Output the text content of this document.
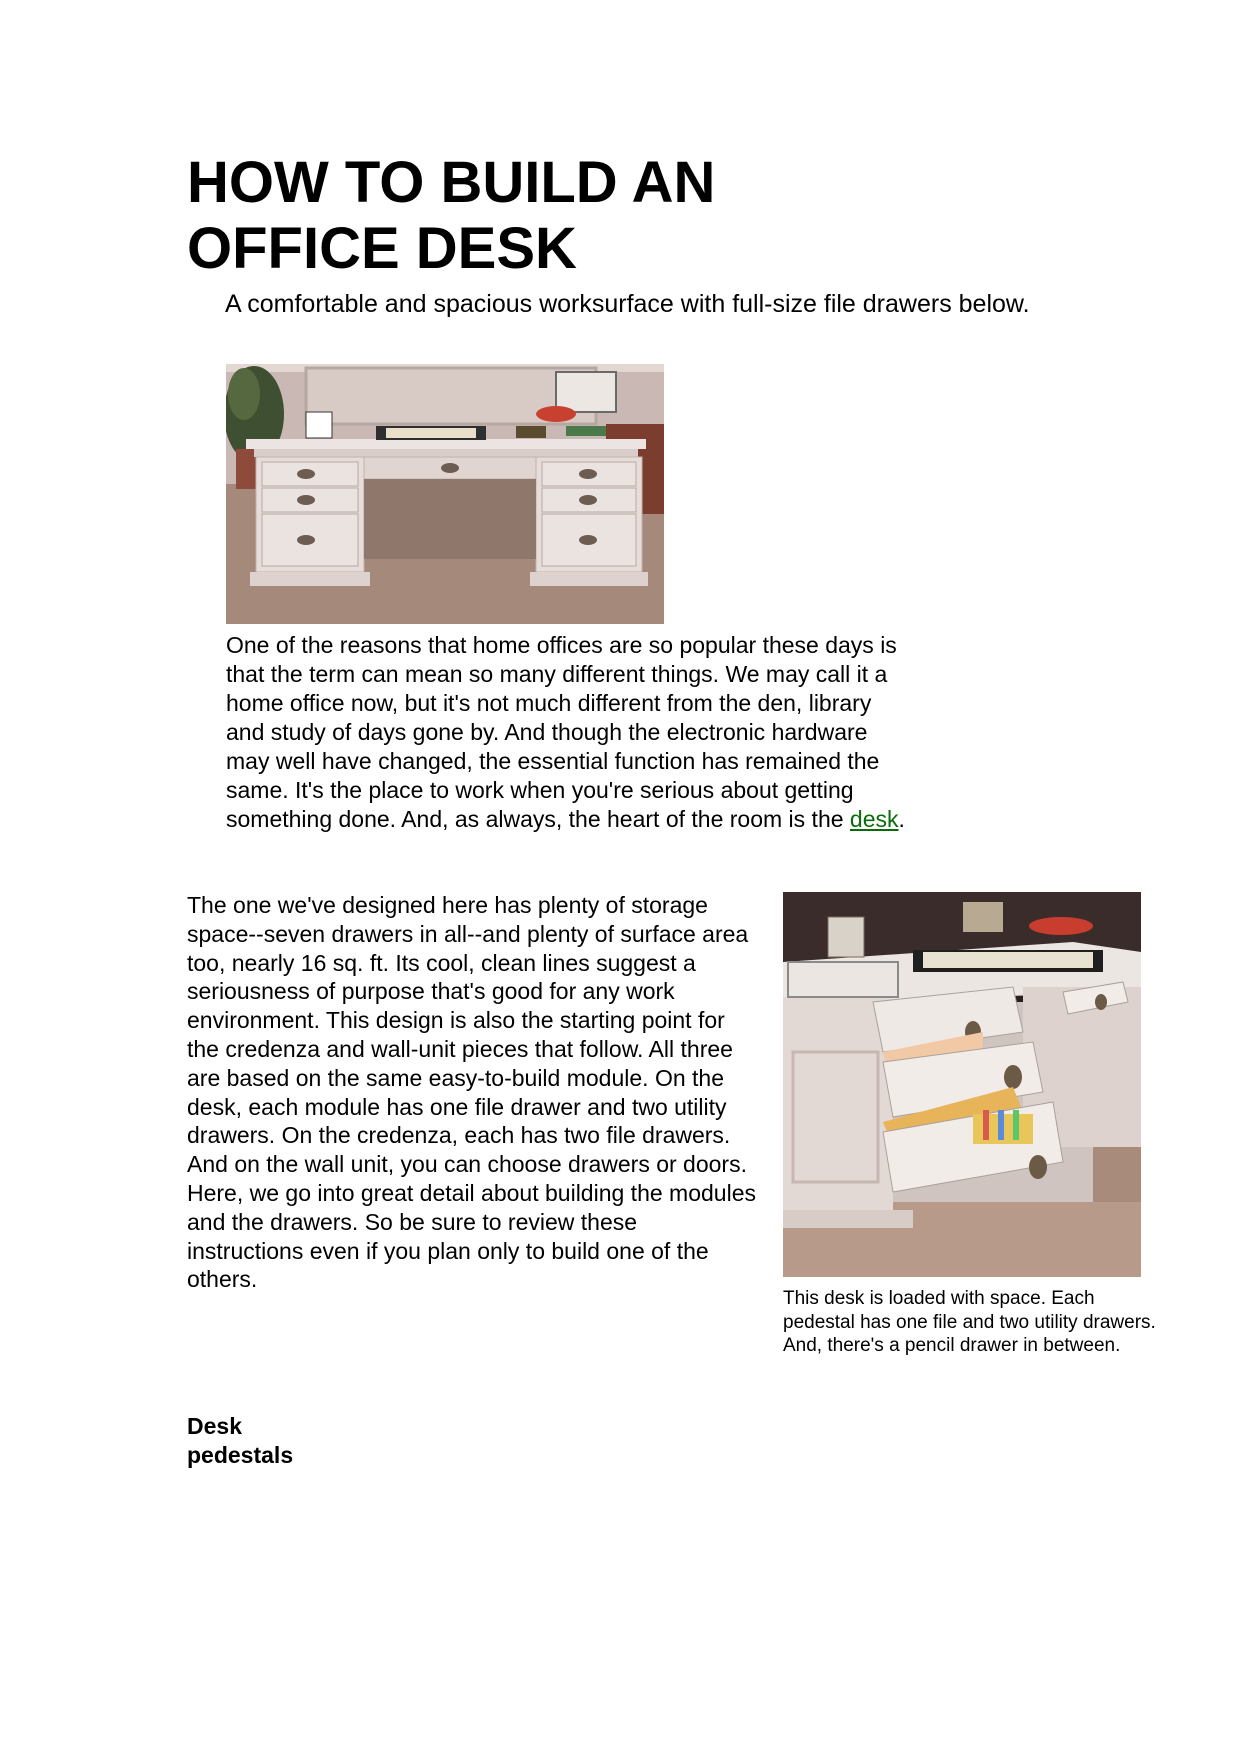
HOW TO BUILD AN OFFICE DESK

A comfortable and spacious worksurface with full-size file drawers below.

One of the reasons that home offices are so popular these days is that the term can mean so many different things. We may call it a home office now, but it's not much different from the den, library and study of days gone by. And though the electronic hardware may well have changed, the essential function has remained the same. It's the place to work when you're serious about getting something done. And, as always, the heart of the room is the desk.

The one we've designed here has plenty of storage space--seven drawers in all--and plenty of surface area too, nearly 16 sq. ft. Its cool, clean lines suggest a seriousness of purpose that's good for any work environment. This design is also the starting point for the credenza and wall-unit pieces that follow. All three are based on the same easy-to-build module. On the desk, each module has one file drawer and two utility drawers. On the credenza, each has two file drawers. And on the wall unit, you can choose drawers or doors. Here, we go into great detail about building the modules and the drawers. So be sure to review these instructions even if you plan only to build one of the others.

This desk is loaded with space. Each pedestal has one file and two utility drawers. And, there's a pencil drawer in between.

Desk pedestals
